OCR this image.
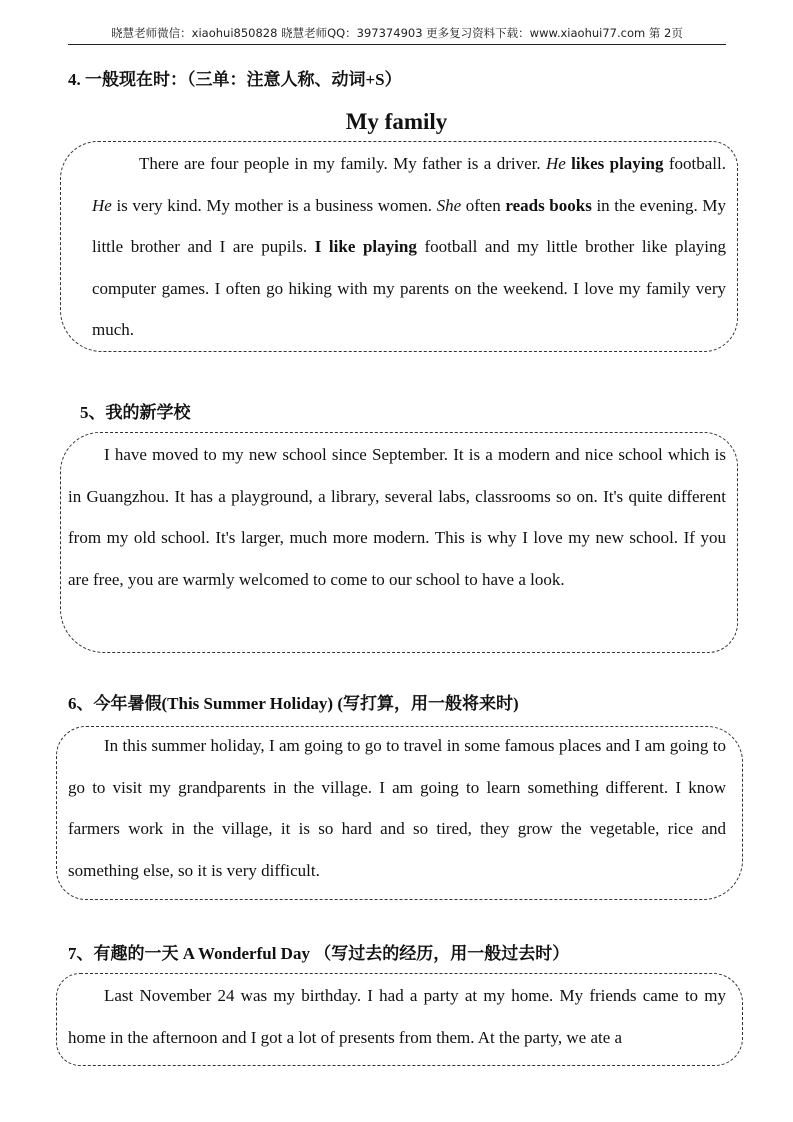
晓慧老师微信：xiaohui850828 晓慧老师QQ：397374903 更多复习资料下载：www.xiaohui77.com 第 2页
4. 一般现在时：（三单：注意人称、动词+S）
My family

There are four people in my family. My father is a driver. He likes playing football. He is very kind. My mother is a business women. She often reads books in the evening. My little brother and I are pupils. I like playing football and my little brother like playing computer games. I often go hiking with my parents on the weekend. I love my family very much.

5、我的新学校

I have moved to my new school since September. It is a modern and nice school which is in Guangzhou. It has a playground, a library, several labs, classrooms so on. It's quite different from my old school. It's larger, much more modern. This is why I love my new school. If you are free, you are warmly welcomed to come to our school to have a look.

6、今年暑假(This Summer Holiday) (写打算，用一般将来时)

In this summer holiday, I am going to go to travel in some famous places and I am going to go to visit my grandparents in the village. I am going to learn something different. I know farmers work in the village, it is so hard and so tired, they grow the vegetable, rice and something else, so it is very difficult.

7、有趣的一天 A Wonderful Day （写过去的经历，用一般过去时）

Last November 24 was my birthday. I had a party at my home. My friends came to my home in the afternoon and I got a lot of presents from them. At the party, we ate a
